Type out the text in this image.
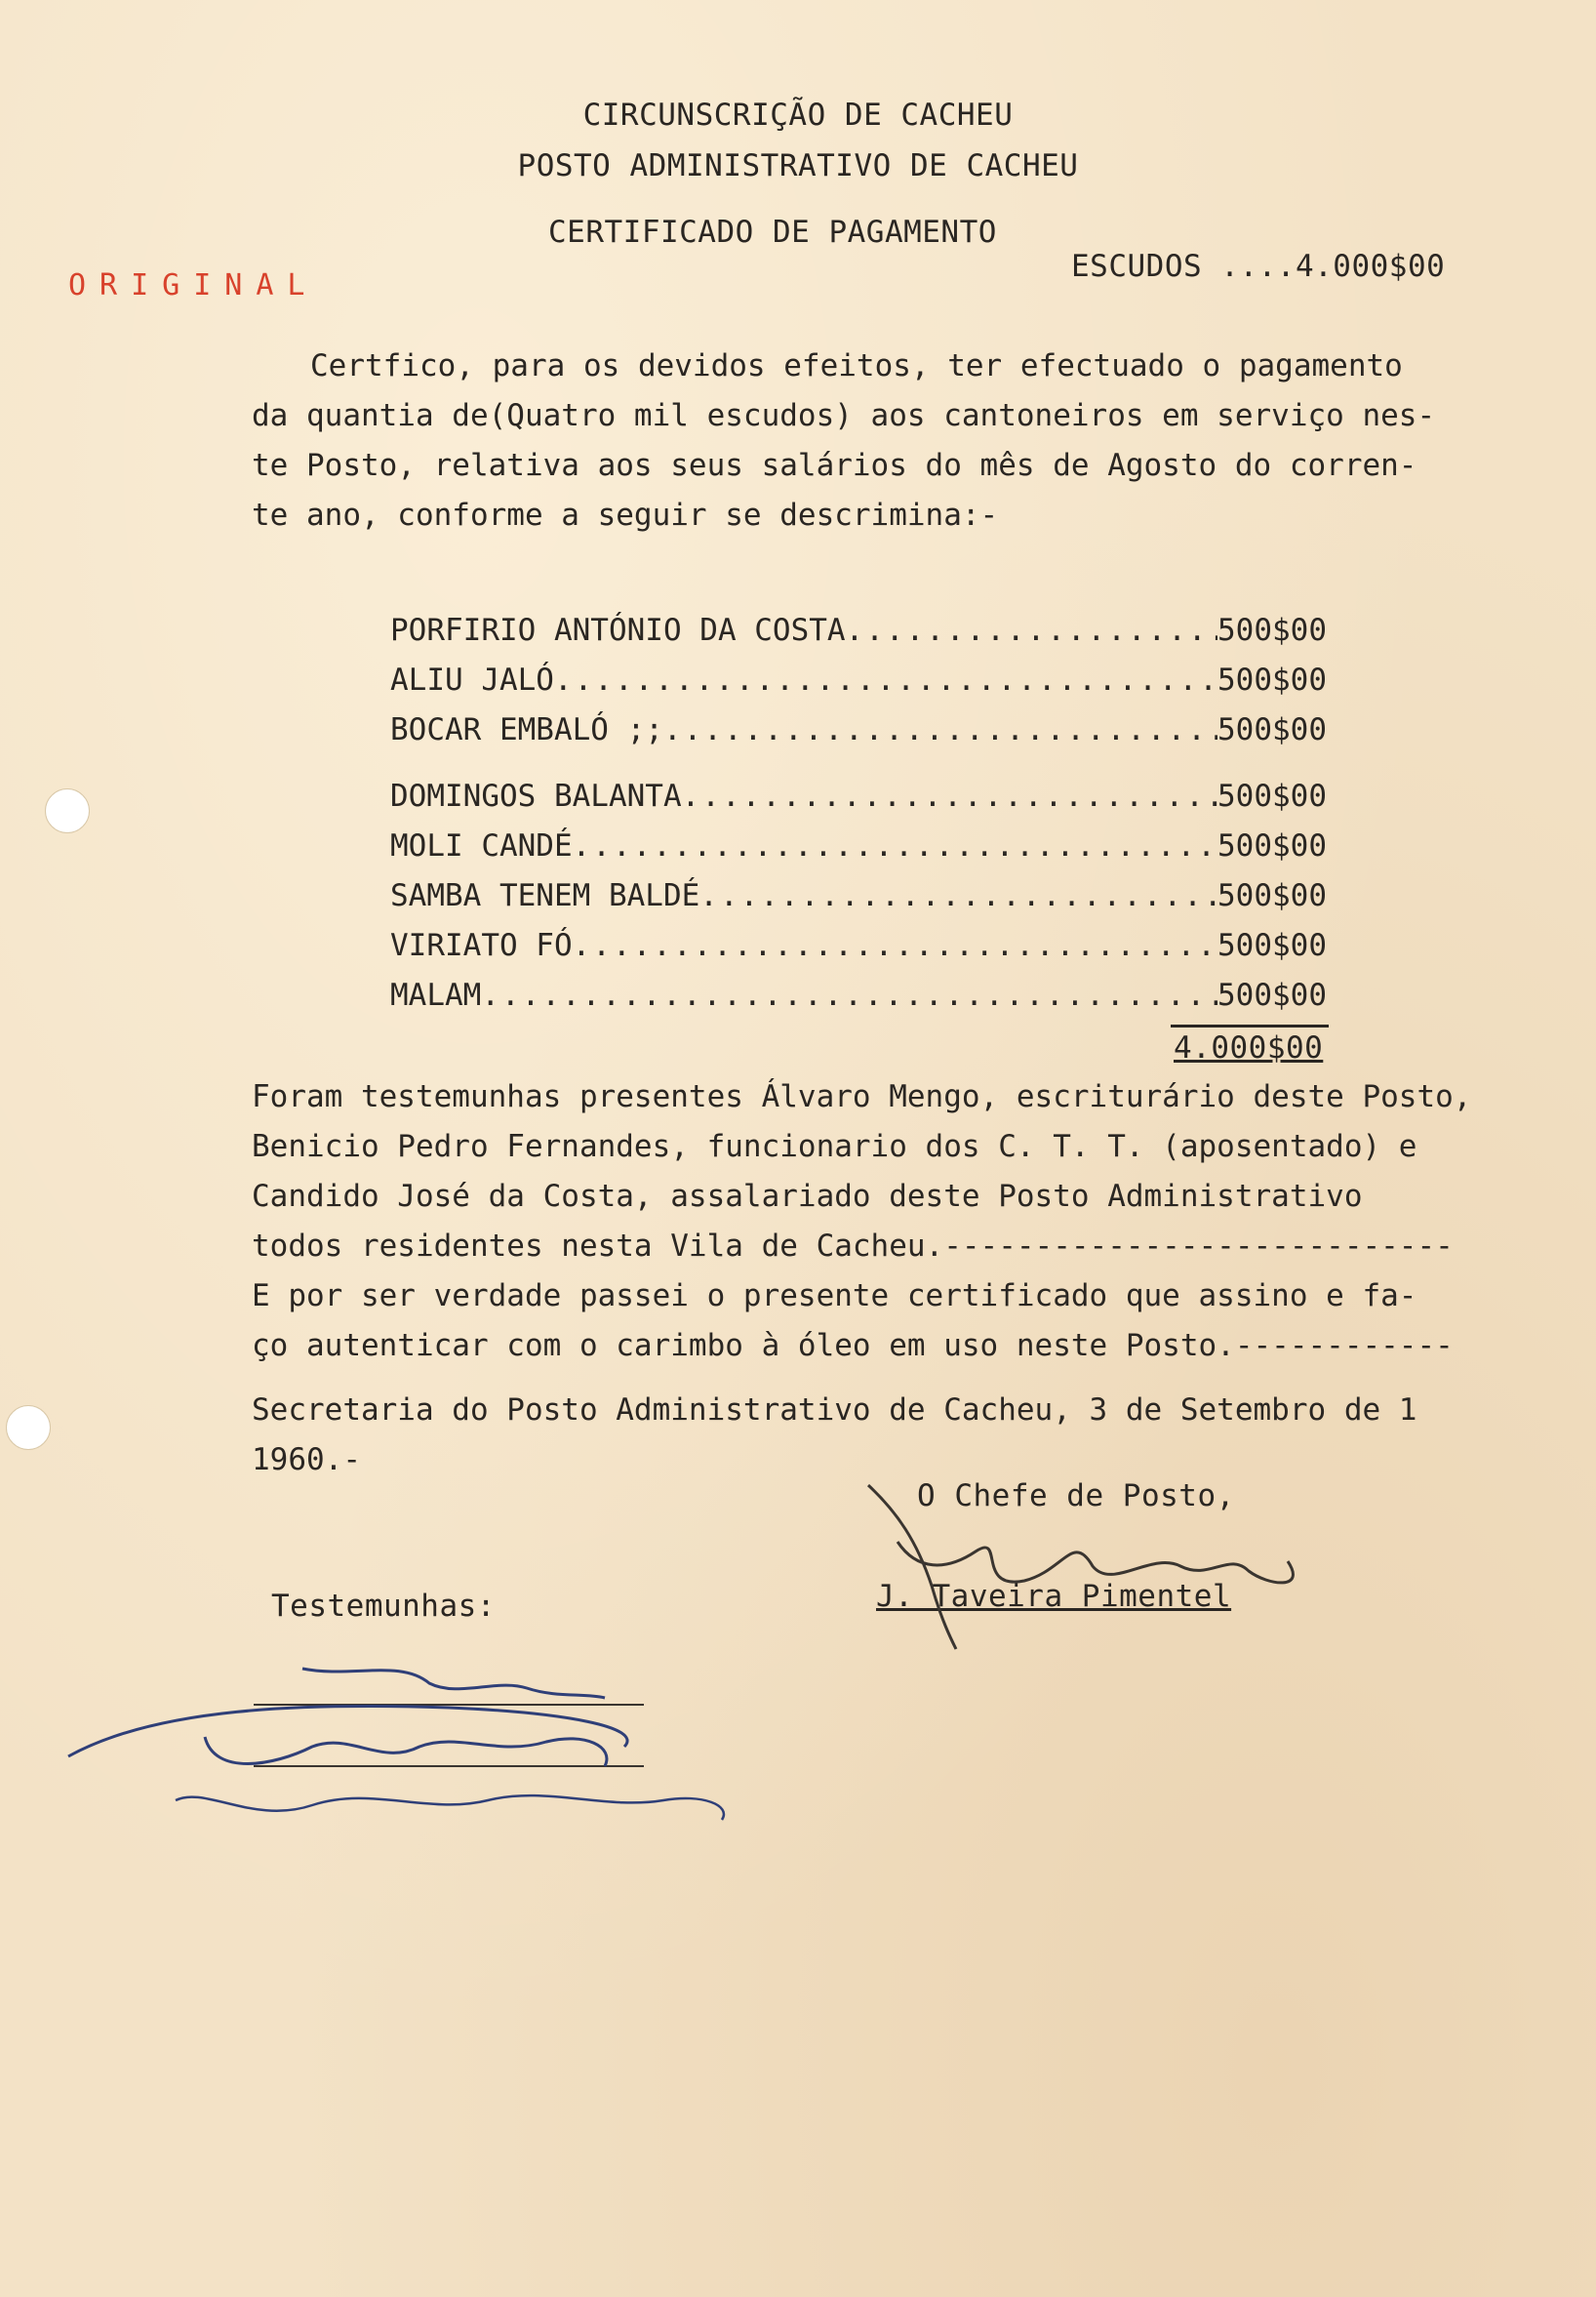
CIRCUNSCRIÇÃO DE CACHEU
POSTO ADMINISTRATIVO DE CACHEU
CERTIFICADO DE PAGAMENTO
ORIGINAL
ESCUDOS ....4.000$00
Certfico, para os devidos efeitos, ter efectuado o pagamento
da quantia de(Quatro mil escudos) aos cantoneiros em serviço nes-
te Posto, relativa aos seus salários do mês de Agosto do corren-
te ano, conforme a seguir se descrimina:-
PORFIRIO ANTÓNIO DA COSTA .....	500$00
ALIU JALÓ .....	500$00
BOCAR EMBALÓ ;; .....	500$00
DOMINGOS BALANTA .....	500$00
MOLI CANDÉ .....	500$00
SAMBA TENEM BALDÉ .....	500$00
VIRIATO FÓ .....	500$00
MALAM .....	500$00
4.000$00
Foram testemunhas presentes Álvaro Mengo, escriturário deste Posto,
Benicio Pedro Fernandes, funcionario dos C. T. T. (aposentado) e
Candido José da Costa, assalariado deste Posto Administrativo
todos residentes nesta Vila de Cacheu.----------------------------
E por ser verdade passei o presente certificado que assino e fa-
ço autenticar com o carimbo à óleo em uso neste Posto.------------
Secretaria do Posto Administrativo de Cacheu, 3 de Setembro de 1
1960.-
O Chefe de Posto,
J. Taveira Pimentel
Testemunhas:
